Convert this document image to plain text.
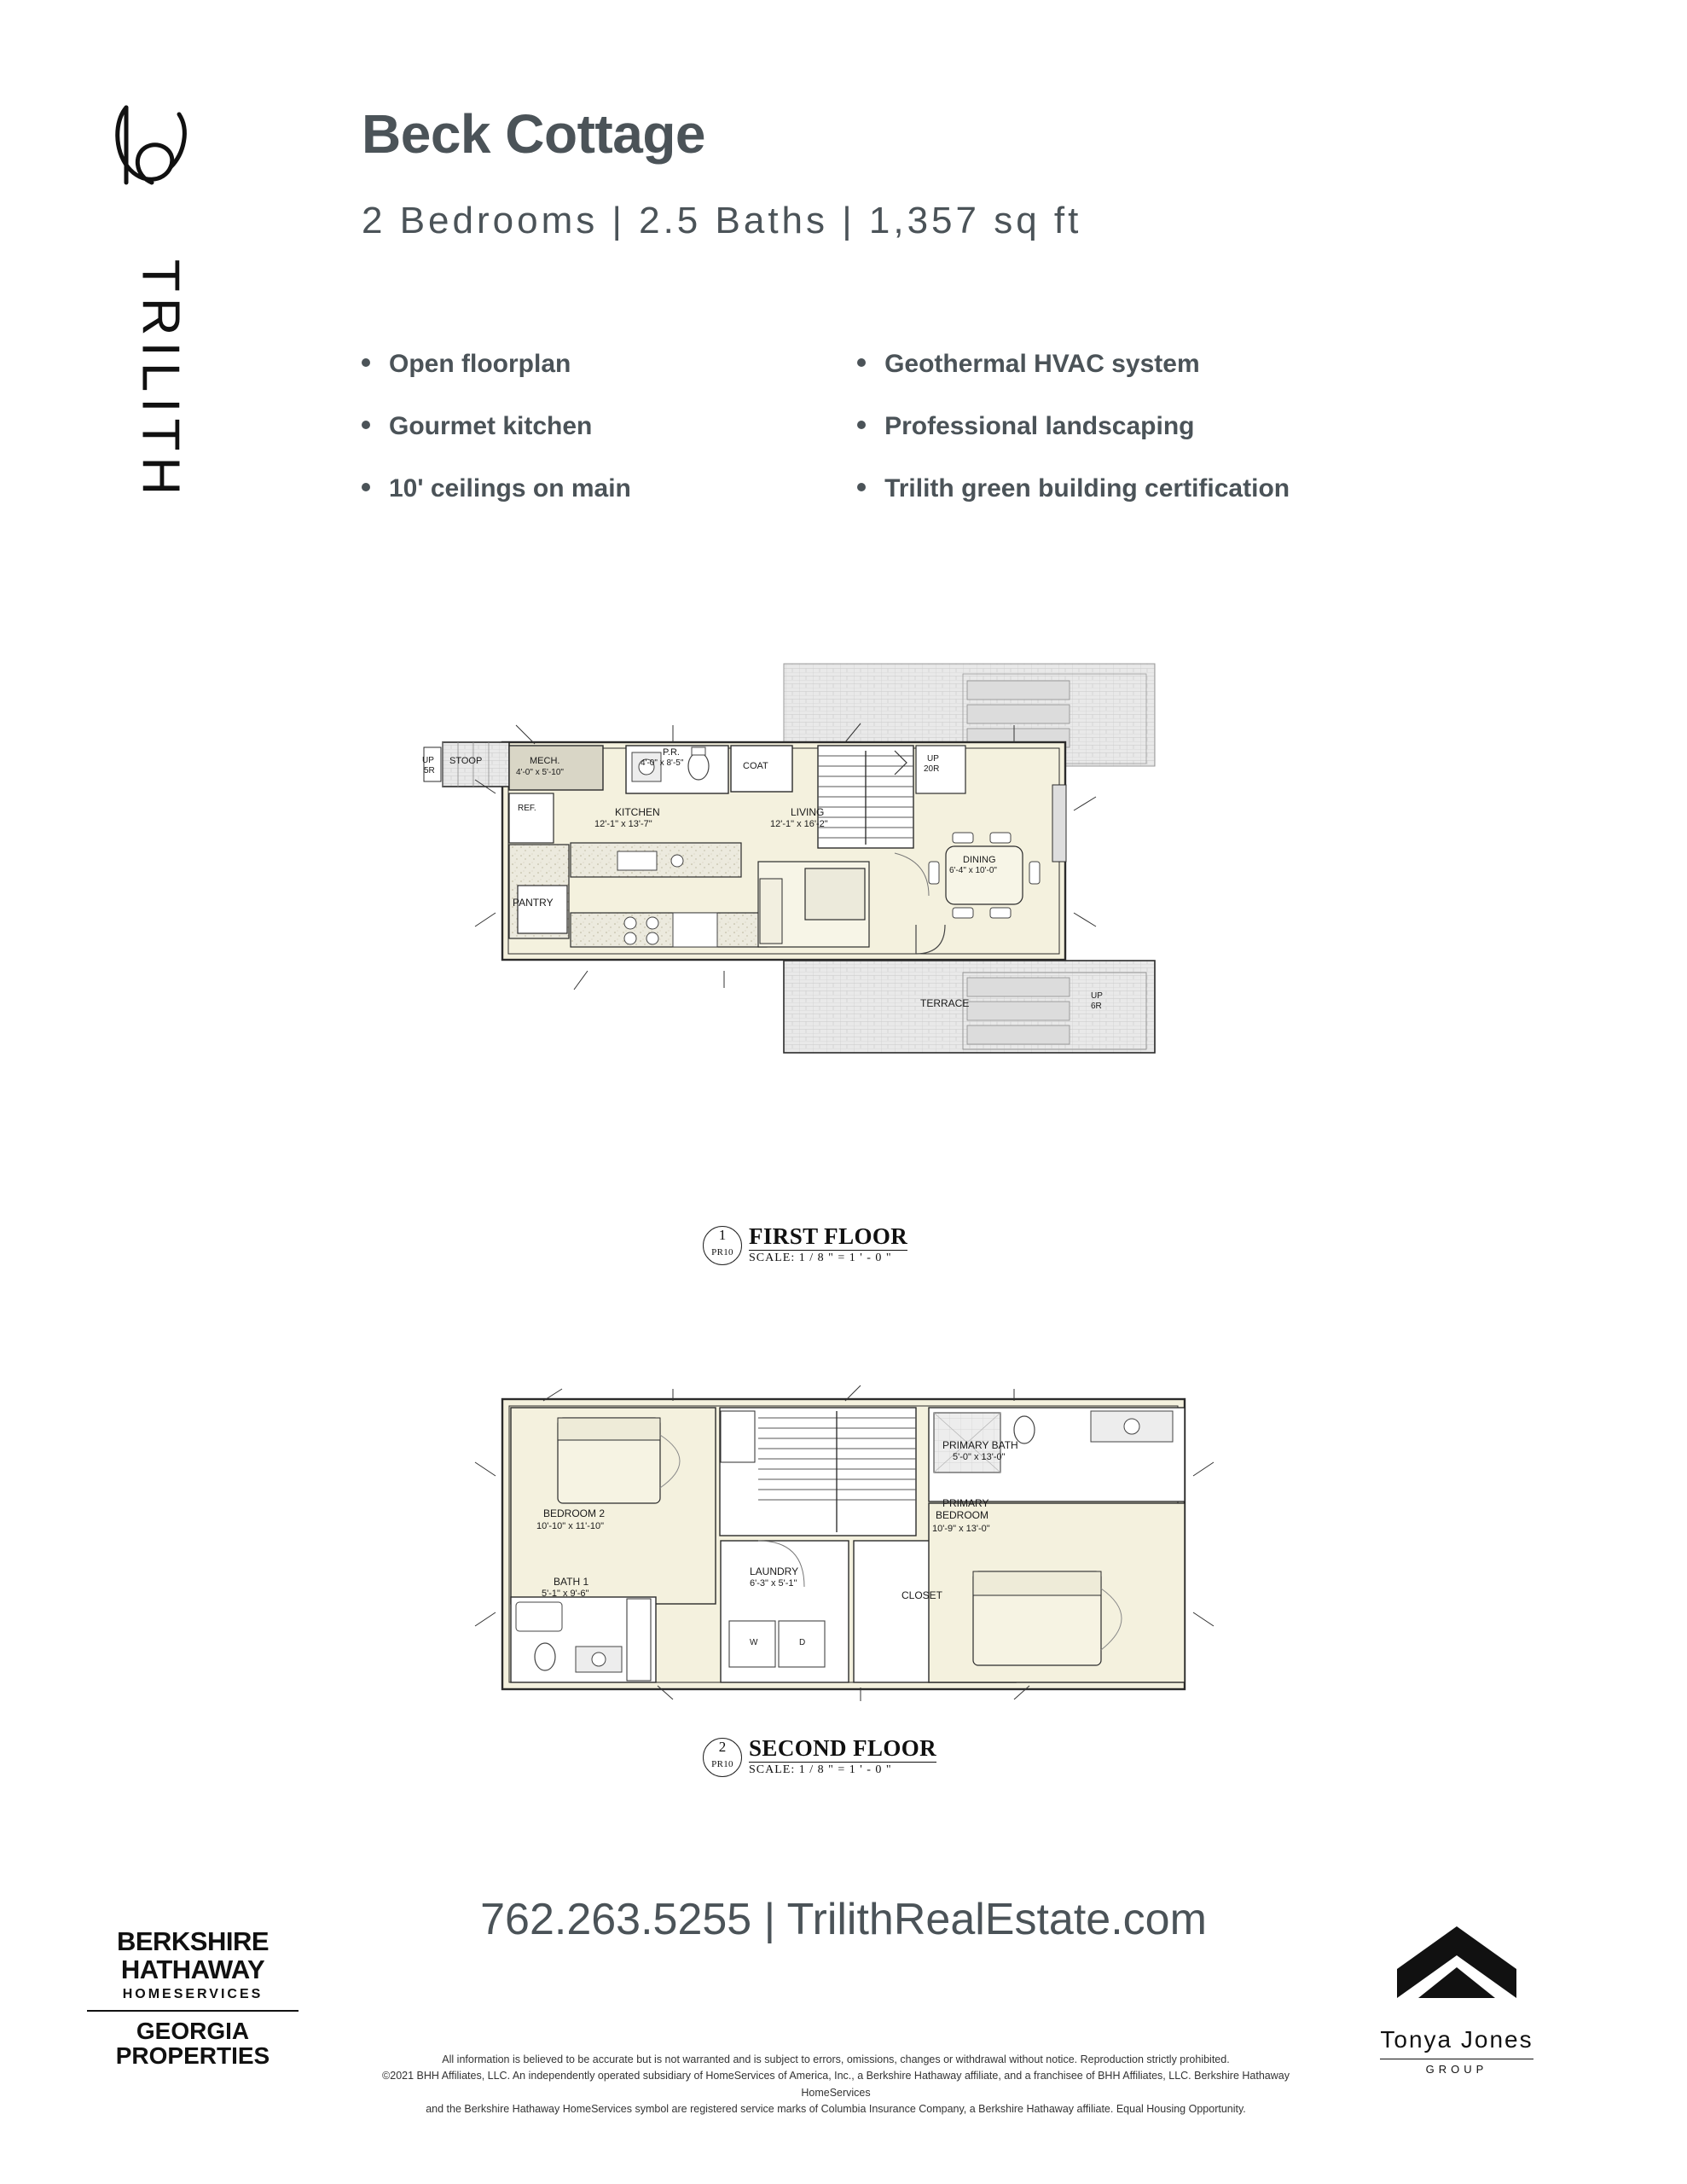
TRILITH
Beck Cottage
2 Bedrooms | 2.5 Baths | 1,357 sq ft
Open floorplan
Gourmet kitchen
10' ceilings on main
Geothermal HVAC system
Professional landscaping
Trilith green building certification
STOOP
UP
5R
MECH.
4'-0" x 5'-10"
P.R.
4'-0" x 8'-5"	COAT
UP
20R
REF.	KITCHEN
12'-1" x 13'-7"
LIVING
12'-1" x 16'-2"
DINING
6'-4" x 10'-0"
PANTRY
TERRACE
UP
6R
1
PR10
FIRST FLOOR
SCALE: 1 / 8 " = 1 ' - 0 "
PRIMARY BATH
5'-0" x 13'-0"
PRIMARY
BEDROOM
10'-9" x 13'-0"
BEDROOM 2
10'-10" x 11'-10"
BATH 1
5'-1" x 9'-6"
LAUNDRY
6'-3" x 5'-1"
CLOSET
W	D
2
PR10
SECOND FLOOR
SCALE: 1 / 8 " = 1 ' - 0 "
762.263.5255 | TrilithRealEstate.com
BERKSHIRE
HATHAWAY
HOMESERVICES
GEORGIA
PROPERTIES	All information is believed to be accurate but is not warranted and is subject to errors, omissions, changes or withdrawal without notice. Reproduction strictly prohibited.
©2021 BHH Affiliates, LLC. An independently operated subsidiary of HomeServices of America, Inc., a Berkshire Hathaway affiliate, and a franchisee of BHH Affiliates, LLC. Berkshire Hathaway HomeServices
and the Berkshire Hathaway HomeServices symbol are registered service marks of Columbia Insurance Company, a Berkshire Hathaway affiliate. Equal Housing Opportunity.
Tonya Jones
GROUP
